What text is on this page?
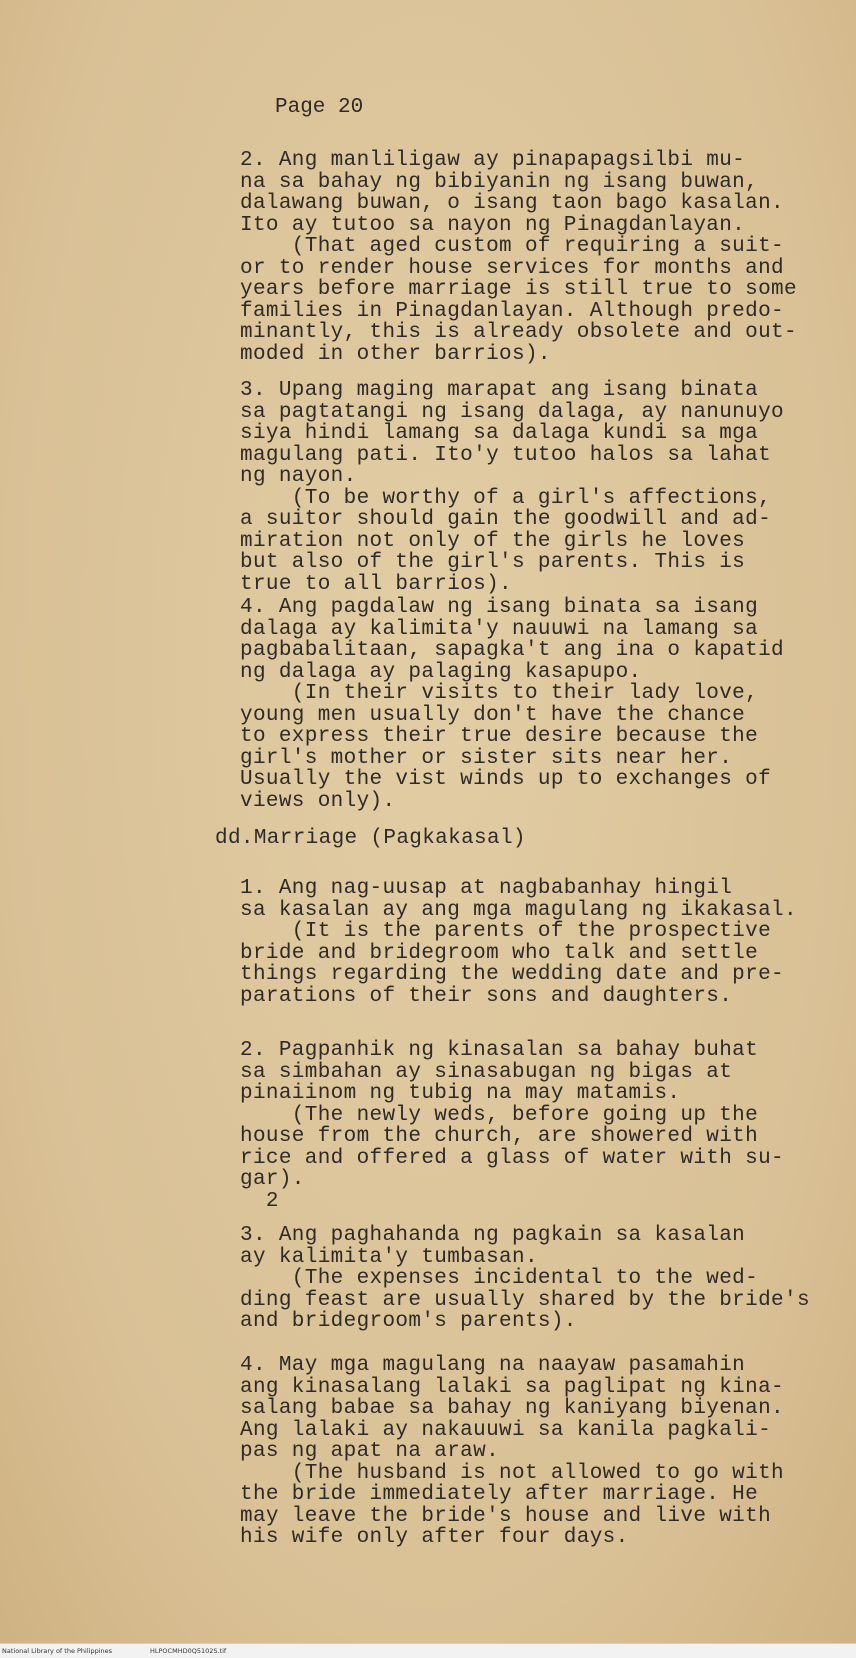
Page 20

2. Ang manliligaw ay pinapapagsilbi mu-
na sa bahay ng bibiyanin ng isang buwan,
dalawang buwan, o isang taon bago kasalan.
Ito ay tutoo sa nayon ng Pinagdanlayan.
(That aged custom of requiring a suit-
or to render house services for months and
years before marriage is still true to some
families in Pinagdanlayan. Although predo-
minantly, this is already obsolete and out-
moded in other barrios).

3. Upang maging marapat ang isang binata
sa pagtatangi ng isang dalaga, ay nanunuyo
siya hindi lamang sa dalaga kundi sa mga
magulang pati. Ito'y tutoo halos sa lahat
ng nayon.
(To be worthy of a girl's affections,
a suitor should gain the goodwill and ad-
miration not only of the girls he loves
but also of the girl's parents. This is
true to all barrios).

4. Ang pagdalaw ng isang binata sa isang
dalaga ay kalimita'y nauuwi na lamang sa
pagbabalitaan, sapagka't ang ina o kapatid
ng dalaga ay palaging kasapupo.
(In their visits to their lady love,
young men usually don't have the chance
to express their true desire because the
girl's mother or sister sits near her.
Usually the vist winds up to exchanges of
views only).

dd.Marriage (Pagkakasal)

1. Ang nag-uusap at nagbabanhay hingil
sa kasalan ay ang mga magulang ng ikakasal.
(It is the parents of the prospective
bride and bridegroom who talk and settle
things regarding the wedding date and pre-
parations of their sons and daughters.

2. Pagpanhik ng kinasalan sa bahay buhat
sa simbahan ay sinasabugan ng bigas at
pinaiinom ng tubig na may matamis.
(The newly weds, before going up the
house from the church, are showered with
rice and offered a glass of water with su-
gar).
2

3. Ang paghahanda ng pagkain sa kasalan
ay kalimita'y tumbasan.
(The expenses incidental to the wed-
ding feast are usually shared by the bride's
and bridegroom's parents).

4. May mga magulang na naayaw pasamahin
ang kinasalang lalaki sa paglipat ng kina-
salang babae sa bahay ng kaniyang biyenan.
Ang lalaki ay nakauuwi sa kanila pagkali-
pas ng apat na araw.
(The husband is not allowed to go with
the bride immediately after marriage. He
may leave the bride's house and live with
his wife only after four days.

National Library of the Philippines	HLPOCMHD0Q5102S.tif
